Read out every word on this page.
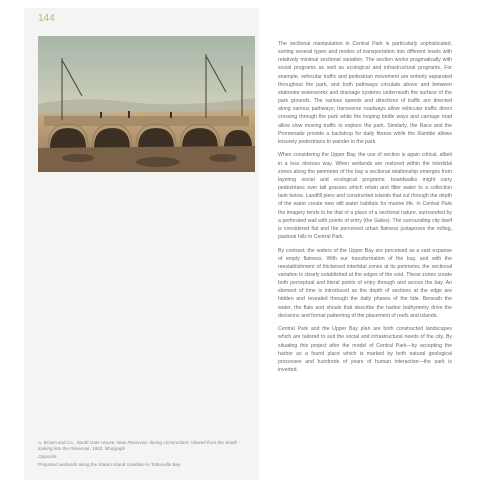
144

A. Brown and Co., South Gate House, New Reservoir, during construction; Viewed from the South - looking into the Reservoir, 1862, lithograph

Opposite

Proposed wetlands along the Staten Island coastline in Tottenville Bay

The sectional manipulation in Central Park is particularly sophisticated, sorting several types and modes of transportation into different levels with relatively minimal sectional variation. The section works pragmatically with social programs as well as ecological and infrastructural programs. For example, vehicular traffic and pedestrian movement are entirely separated throughout the park, and both pathways circulate above and between elaborate waterworks and drainage systems underneath the surface of the park grounds. The various speeds and directions of traffic are directed along various pathways; transverse roadways allow vehicular traffic direct crossing through the park while the looping bridle ways and carriage road allow slow moving traffic to explore the park. Similarly, the Race and the Promenade provide a backdrop for daily fitness while the Ramble allows leisurely pedestrians to wander in the park.

When considering the Upper Bay, the use of section is again critical, albeit in a less obvious way. When wetlands are restored within the intertidal zones along the perimeter of the bay a sectional relationship emerges from layering social and ecological programs; boardwalks might carry pedestrians over tall grasses which retain and filter water to a collection tank below. Landfill piers and constructed islands that cut through the depth of the water create new still water habitats for marine life. In Central Park the imagery tends to be that of a place of a sectional nature, surrounded by a perforated wall with points of entry (the Gates). The surrounding city itself is considered flat and the perceived urban flatness juxtaposes the rolling, pastoral hills in Central Park.

By contrast, the waters of the Upper Bay are perceived as a vast expanse of empty flatness. With our transformation of the bay, and with the reestablishment of thickened intertidal zones at its perimeter, the sectional variation is clearly established at the edges of the void. These zones create both perceptual and literal points of entry through and across the bay. An element of time is introduced as the depth of sections at the edge are hidden and revealed through the daily phases of the tide. Beneath the water, the flats and shoals that describe the harbor bathymetry drive the decisions and formal patterning of the placement of reefs and islands.

Central Park and the Upper Bay plan are both constructed landscapes which are tailored to suit the social and infrastructural needs of the city. By situating this project after the model of Central Park—by accepting the harbor as a found place which is marked by both natural geological processes and hundreds of years of human interaction—the park is inverted.
